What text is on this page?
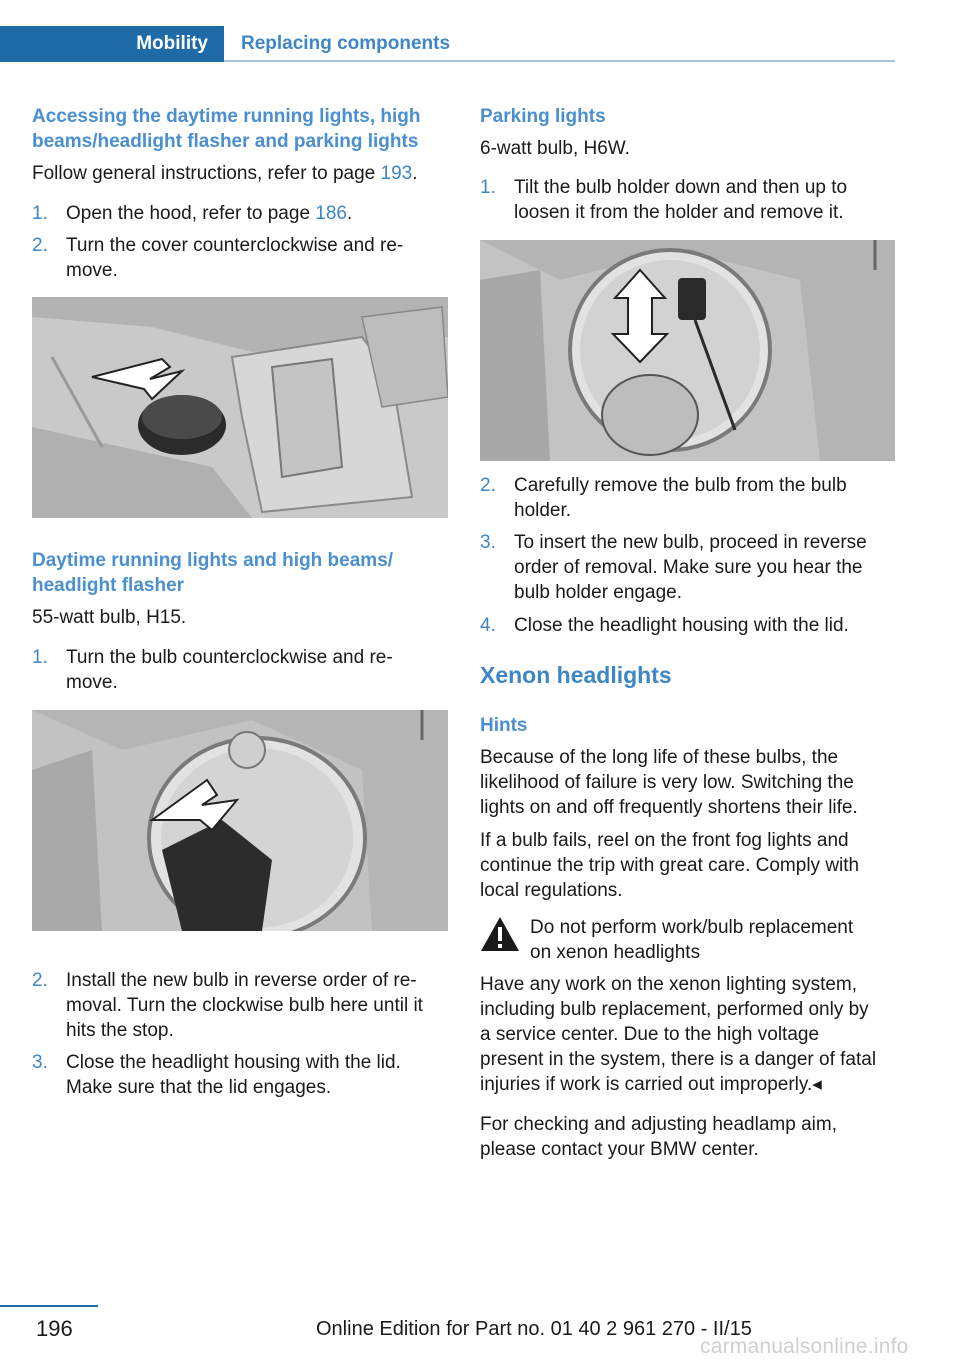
Mobility	Replacing components
Accessing the daytime running lights, high beams/headlight flasher and parking lights
Follow general instructions, refer to page 193.
1. Open the hood, refer to page 186.
2. Turn the cover counterclockwise and re-
move.
Daytime running lights and high beams/
headlight flasher
55-watt bulb, H15.
1. Turn the bulb counterclockwise and re-
move.
2. Install the new bulb in reverse order of re-
moval. Turn the clockwise bulb here until it
hits the stop.
3. Close the headlight housing with the lid.
Make sure that the lid engages.
Parking lights
6-watt bulb, H6W.
1. Tilt the bulb holder down and then up to
loosen it from the holder and remove it.
2. Carefully remove the bulb from the bulb
holder.
3. To insert the new bulb, proceed in reverse
order of removal. Make sure you hear the
bulb holder engage.
4. Close the headlight housing with the lid.
Xenon headlights
Hints
Because of the long life of these bulbs, the
likelihood of failure is very low. Switching the
lights on and off frequently shortens their life.
If a bulb fails, reel on the front fog lights and
continue the trip with great care. Comply with
local regulations.
Do not perform work/bulb replacement
on xenon headlights
Have any work on the xenon lighting system,
including bulb replacement, performed only by
a service center. Due to the high voltage
present in the system, there is a danger of fatal
injuries if work is carried out improperly.◂
For checking and adjusting headlamp aim,
please contact your BMW center.
196	Online Edition for Part no. 01 40 2 961 270 - II/15
carmanualsonline.info
